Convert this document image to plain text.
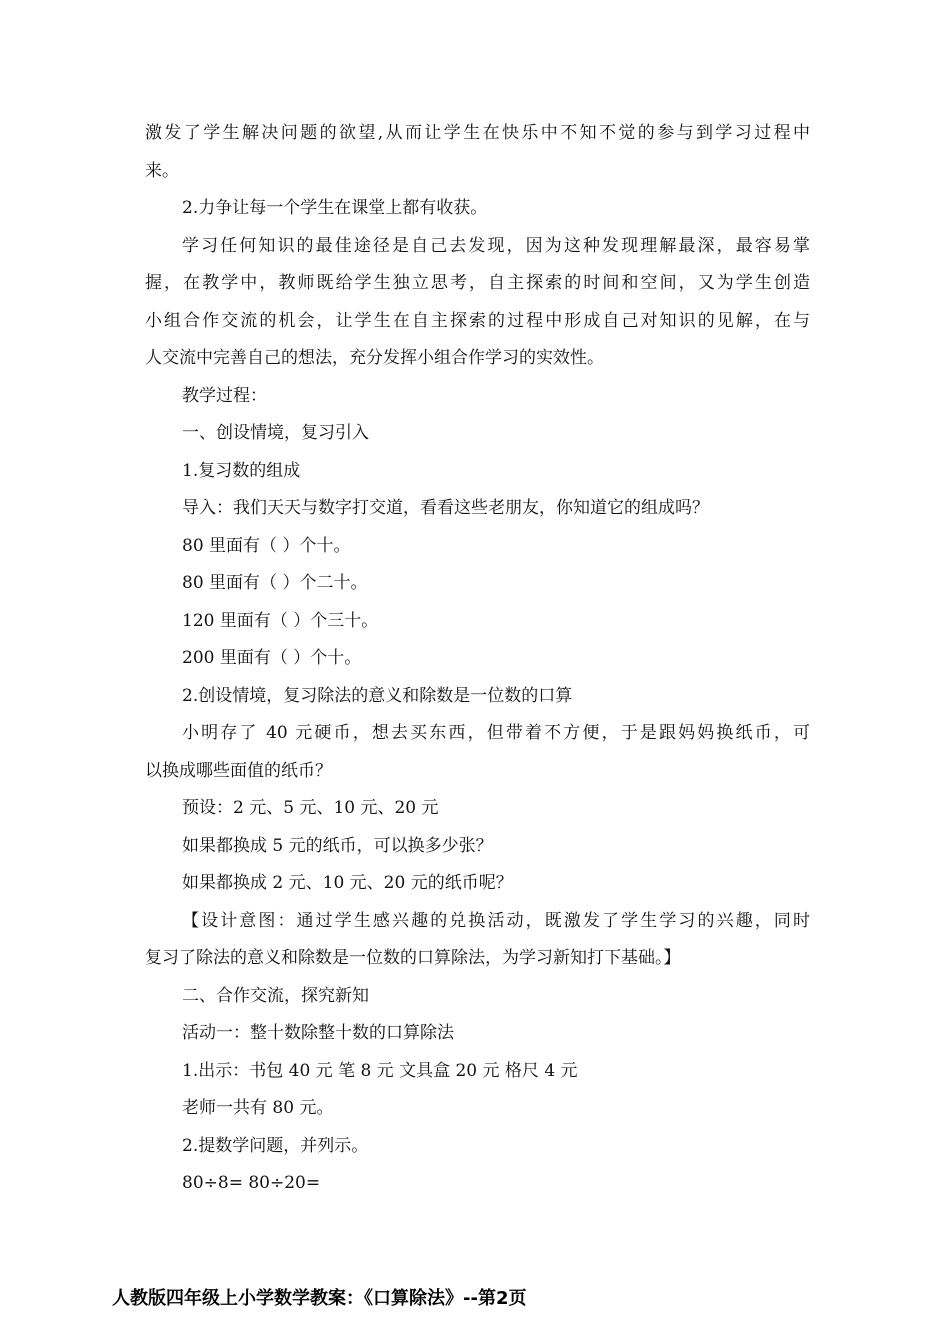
激发了学生解决问题的欲望,从而让学生在快乐中不知不觉的参与到学习过程中
来。
2.力争让每一个学生在课堂上都有收获。
学习任何知识的最佳途径是自己去发现，因为这种发现理解最深，最容易掌
握，在教学中，教师既给学生独立思考，自主探索的时间和空间，又为学生创造
小组合作交流的机会，让学生在自主探索的过程中形成自己对知识的见解，在与
人交流中完善自己的想法，充分发挥小组合作学习的实效性。
教学过程：
一、创设情境，复习引入
1.复习数的组成
导入：我们天天与数字打交道，看看这些老朋友，你知道它的组成吗？
80 里面有（ ）个十。
80 里面有（ ）个二十。
120 里面有（ ）个三十。
200 里面有（ ）个十。
2.创设情境，复习除法的意义和除数是一位数的口算
小明存了 40 元硬币，想去买东西，但带着不方便，于是跟妈妈换纸币，可
以换成哪些面值的纸币？
预设：2 元、5 元、10 元、20 元
如果都换成 5 元的纸币，可以换多少张？
如果都换成 2 元、10 元、20 元的纸币呢？
【设计意图：通过学生感兴趣的兑换活动，既激发了学生学习的兴趣，同时
复习了除法的意义和除数是一位数的口算除法，为学习新知打下基础。】
二、合作交流，探究新知
活动一：整十数除整十数的口算除法
1.出示：书包 40 元 笔 8 元 文具盒 20 元 格尺 4 元
老师一共有 80 元。
2.提数学问题，并列示。
80÷8= 80÷20=
人教版四年级上小学数学教案：《口算除法》--第2页
